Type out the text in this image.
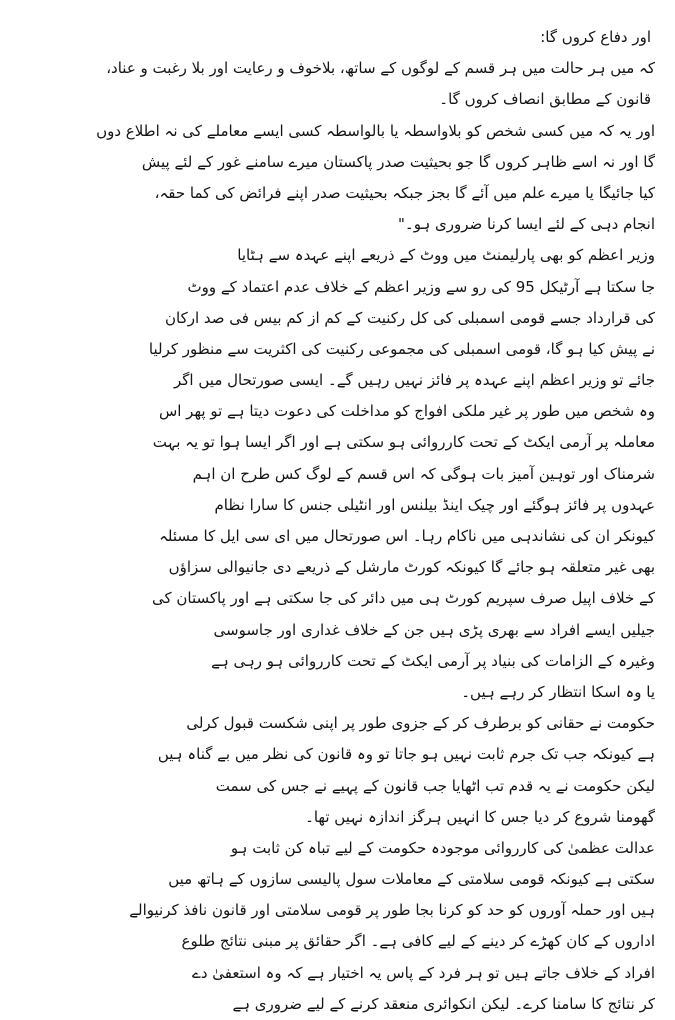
اور دفاع کروں گا:
کہ میں ہر حالت میں ہر قسم کے لوگوں کے ساتھ، بلاخوف و رعایت اور بلا رغبت و عناد،
قانون کے مطابق انصاف کروں گا۔
اور یہ کہ میں کسی شخص کو بلاواسطہ یا بالواسطہ کسی ایسے معاملے کی نہ اطلاع دوں
گا اور نہ اسے ظاہر کروں گا جو بحیثیت صدر پاکستان میرے سامنے غور کے لئے پیش
کیا جائیگا یا میرے علم میں آئے گا بجز جبکہ بحیثیت صدر اپنے فرائض کی کما حقہ،
انجام دہی کے لئے ایسا کرنا ضروری ہو۔"
وزیر اعظم کو بھی پارلیمنٹ میں ووٹ کے ذریعے اپنے عہدہ سے ہٹایا
جا سکتا ہے آرٹیکل 95 کی رو سے وزیر اعظم کے خلاف عدم اعتماد کے ووٹ
کی قرارداد جسے قومی اسمبلی کی کل رکنیت کے کم از کم بیس فی صد ارکان
نے پیش کیا ہو گا، قومی اسمبلی کی مجموعی رکنیت کی اکثریت سے منظور کرلیا
جائے تو وزیر اعظم اپنے عہدہ پر فائز نہیں رہیں گے۔ ایسی صورتحال میں اگر
وہ شخص میں طور پر غیر ملکی افواج کو مداخلت کی دعوت دیتا ہے تو پھر اس
معاملہ پر آرمی ایکٹ کے تحت کارروائی ہو سکتی ہے اور اگر ایسا ہوا تو یہ بہت
شرمناک اور توہین آمیز بات ہوگی کہ اس قسم کے لوگ کس طرح ان اہم
عہدوں پر فائز ہوگئے اور چیک اینڈ بیلنس اور انٹیلی جنس کا سارا نظام
کیونکر ان کی نشاندہی میں ناکام رہا۔ اس صورتحال میں ای سی ایل کا مسئلہ
بھی غیر متعلقہ ہو جائے گا کیونکہ کورٹ مارشل کے ذریعے دی جانیوالی سزاؤں
کے خلاف اپیل صرف سپریم کورٹ ہی میں دائر کی جا سکتی ہے اور پاکستان کی
جیلیں ایسے افراد سے بھری پڑی ہیں جن کے خلاف غداری اور جاسوسی
وغیرہ کے الزامات کی بنیاد پر آرمی ایکٹ کے تحت کارروائی ہو رہی ہے
یا وہ اسکا انتظار کر رہے ہیں۔
حکومت نے حقانی کو برطرف کر کے جزوی طور پر اپنی شکست قبول کرلی
ہے کیونکہ جب تک جرم ثابت نہیں ہو جاتا تو وہ قانون کی نظر میں بے گناہ ہیں
لیکن حکومت نے یہ قدم تب اٹھایا جب قانون کے پہیے نے جس کی سمت
گھومنا شروع کر دیا جس کا انہیں ہرگز اندازہ نہیں تھا۔
عدالت عظمیٰ کی کارروائی موجودہ حکومت کے لیے تباہ کن ثابت ہو
سکتی ہے کیونکہ قومی سلامتی کے معاملات سول پالیسی سازوں کے ہاتھ میں
ہیں اور حملہ آوروں کو حد کو کرنا بجا طور پر قومی سلامتی اور قانون نافذ کرنیوالے
اداروں کے کان کھڑے کر دینے کے لیے کافی ہے۔ اگر حقائق پر مبنی نتائج طلوع
افراد کے خلاف جاتے ہیں تو ہر فرد کے پاس یہ اختیار ہے کہ وہ استعفیٰ دے
کر نتائج کا سامنا کرے۔ لیکن انکوائری منعقد کرنے کے لیے ضروری ہے
